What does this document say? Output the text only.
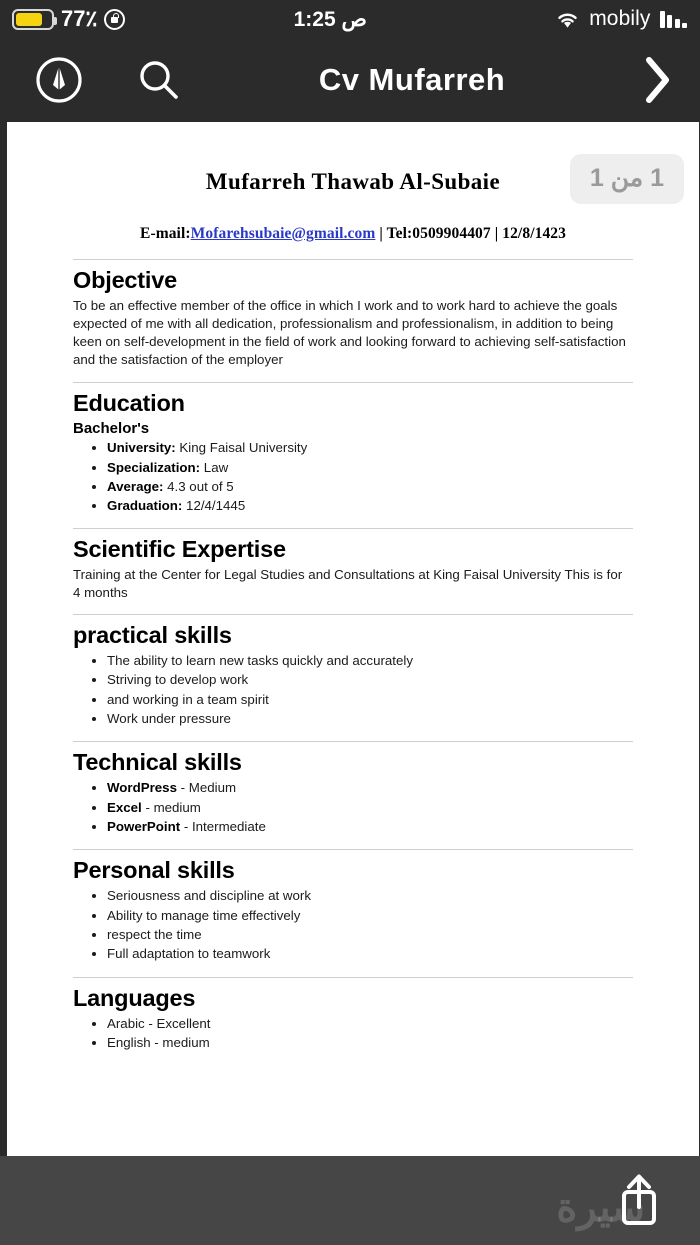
77٪	1:25 ص	mobily
Cv Mufarreh
1 من 1
Mufarreh Thawab Al-Subaie
E-mail:Mofarehsubaie@gmail.com | Tel:0509904407 | 12/8/1423
Objective
To be an effective member of the office in which I work and to work hard to achieve the goals expected of me with all dedication, professionalism and professionalism, in addition to being keen on self-development in the field of work and looking forward to achieving self-satisfaction and the satisfaction of the employer
Education
Bachelor's
• University: King Faisal University
• Specialization: Law
• Average: 4.3 out of 5
• Graduation: 12/4/1445
Scientific Expertise
Training at the Center for Legal Studies and Consultations at King Faisal University This is for 4 months
practical skills
• The ability to learn new tasks quickly and accurately
• Striving to develop work
• and working in a team spirit
• Work under pressure
Technical skills
• WordPress - Medium
• Excel - medium
• PowerPoint - Intermediate
Personal skills
• Seriousness and discipline at work
• Ability to manage time effectively
• respect the time
• Full adaptation to teamwork
Languages
• Arabic - Excellent
• English - medium
سيرة
